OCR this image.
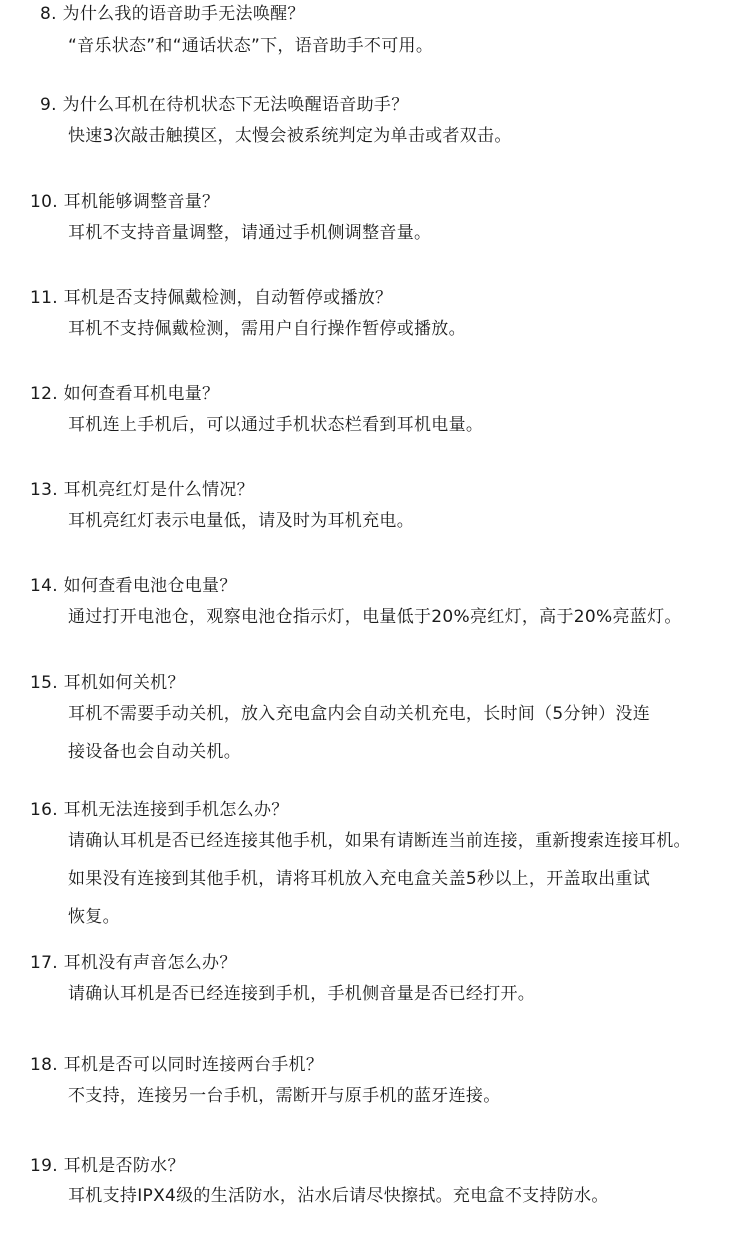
8. 为什么我的语音助手无法唤醒？
“音乐状态”和“通话状态”下，语音助手不可用。
9. 为什么耳机在待机状态下无法唤醒语音助手？
快速3次敲击触摸区，太慢会被系统判定为单击或者双击。
10. 耳机能够调整音量？
耳机不支持音量调整，请通过手机侧调整音量。
11. 耳机是否支持佩戴检测，自动暂停或播放？
耳机不支持佩戴检测，需用户自行操作暂停或播放。
12. 如何查看耳机电量？
耳机连上手机后，可以通过手机状态栏看到耳机电量。
13. 耳机亮红灯是什么情况？
耳机亮红灯表示电量低，请及时为耳机充电。
14. 如何查看电池仓电量？
通过打开电池仓，观察电池仓指示灯，电量低于20%亮红灯，高于20%亮蓝灯。
15. 耳机如何关机？
耳机不需要手动关机，放入充电盒内会自动关机充电，长时间（5分钟）没连
接设备也会自动关机。
16. 耳机无法连接到手机怎么办？
请确认耳机是否已经连接其他手机，如果有请断连当前连接，重新搜索连接耳机。
如果没有连接到其他手机，请将耳机放入充电盒关盖5秒以上，开盖取出重试
恢复。
17. 耳机没有声音怎么办？
请确认耳机是否已经连接到手机，手机侧音量是否已经打开。
18. 耳机是否可以同时连接两台手机？
不支持，连接另一台手机，需断开与原手机的蓝牙连接。
19. 耳机是否防水？
耳机支持IPX4级的生活防水，沾水后请尽快擦拭。充电盒不支持防水。
